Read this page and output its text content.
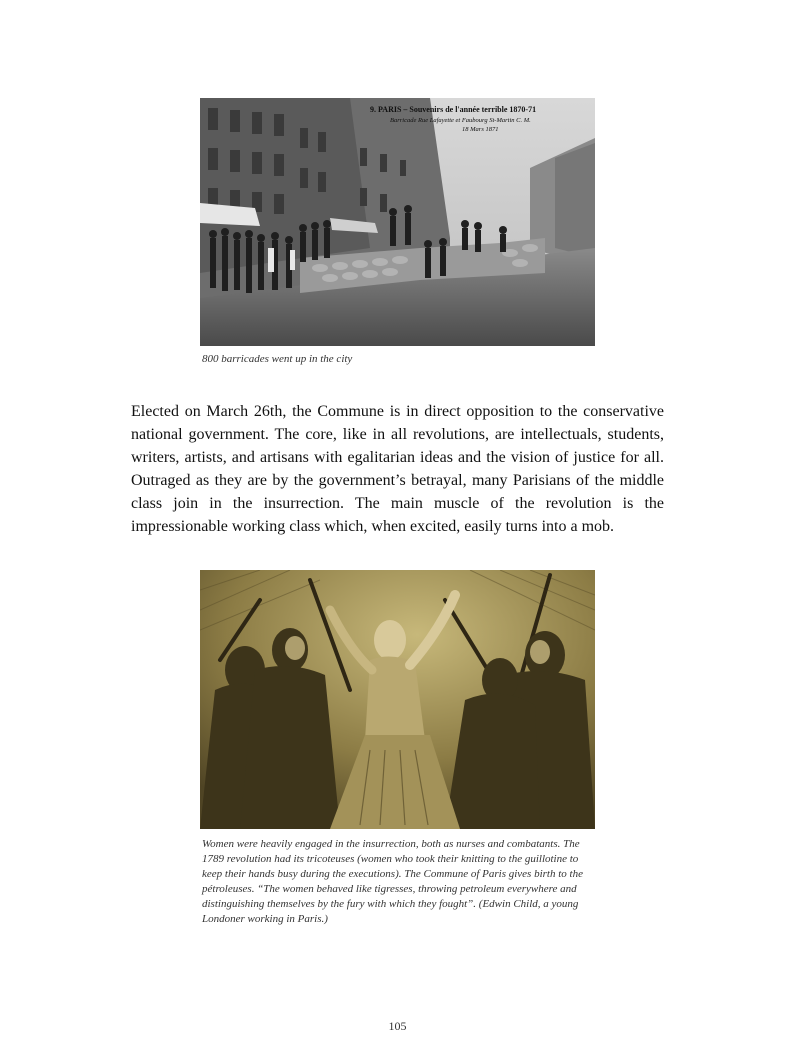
9. PARIS – Souvenirs de l'année terrible 1870-71
Barricade Rue Lafayette et Faubourg St-Martin C. M.
18 Mars 1871
800 barricades went up in the city
Elected on March 26th, the Commune is in direct opposition to the conservative national government. The core, like in all revolutions, are intellectuals, students, writers, artists, and artisans with egalitarian ideas and the vision of justice for all. Outraged as they are by the government’s betrayal, many Parisians of the middle class join in the insurrection. The main muscle of the revolution is the impressionable working class which, when excited, easily turns into a mob.
Women were heavily engaged in the insurrection, both as nurses and combatants. The 1789 revolution had its tricoteuses (women who took their knitting to the guillotine to keep their hands busy during the executions). The Commune of Paris gives birth to the pétroleuses. “The women behaved like tigresses, throwing petroleum everywhere and distinguishing themselves by the fury with which they fought”. (Edwin Child, a young Londoner working in Paris.)
105
